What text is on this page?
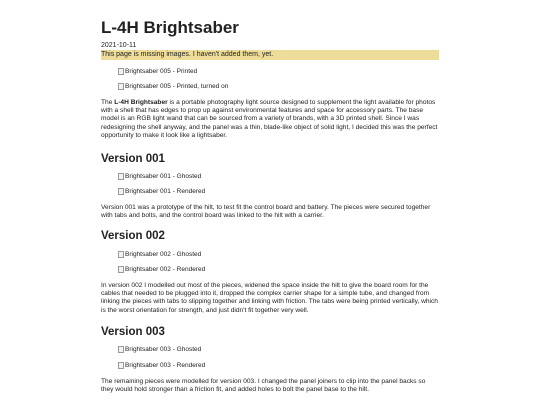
L-4H Brightsaber
2021-10-11
This page is missing images. I haven't added them, yet.
Brightsaber 005 - Printed
Brightsaber 005 - Printed, turned on
The L-4H Brightsaber is a portable photography light source designed to supplement the light available for photos with a shell that has edges to prop up against environmental features and space for accessory parts. The base model is an RGB light wand that can be sourced from a variety of brands, with a 3D printed shell. Since I was redesigning the shell anyway, and the panel was a thin, blade-like object of solid light, I decided this was the perfect opportunity to make it look like a lightsaber.
Version 001
Brightsaber 001 - Ghosted
Brightsaber 001 - Rendered
Version 001 was a prototype of the hilt, to test fit the control board and battery. The pieces were secured together with tabs and bolts, and the control board was linked to the hilt with a carrier.
Version 002
Brightsaber 002 - Ghosted
Brightsaber 002 - Rendered
In version 002 I modelled out most of the pieces, widened the space inside the hilt to give the board room for the cables that needed to be plugged into it, dropped the complex carrier shape for a simple tube, and changed from linking the pieces with tabs to slipping together and linking with friction. The tabs were being printed vertically, which is the worst orientation for strength, and just didn't fit together very well.
Version 003
Brightsaber 003 - Ghosted
Brightsaber 003 - Rendered
The remaining pieces were modelled for version 003. I changed the panel joiners to clip into the panel backs so they would hold stronger than a friction fit, and added holes to bolt the panel base to the hilt.
